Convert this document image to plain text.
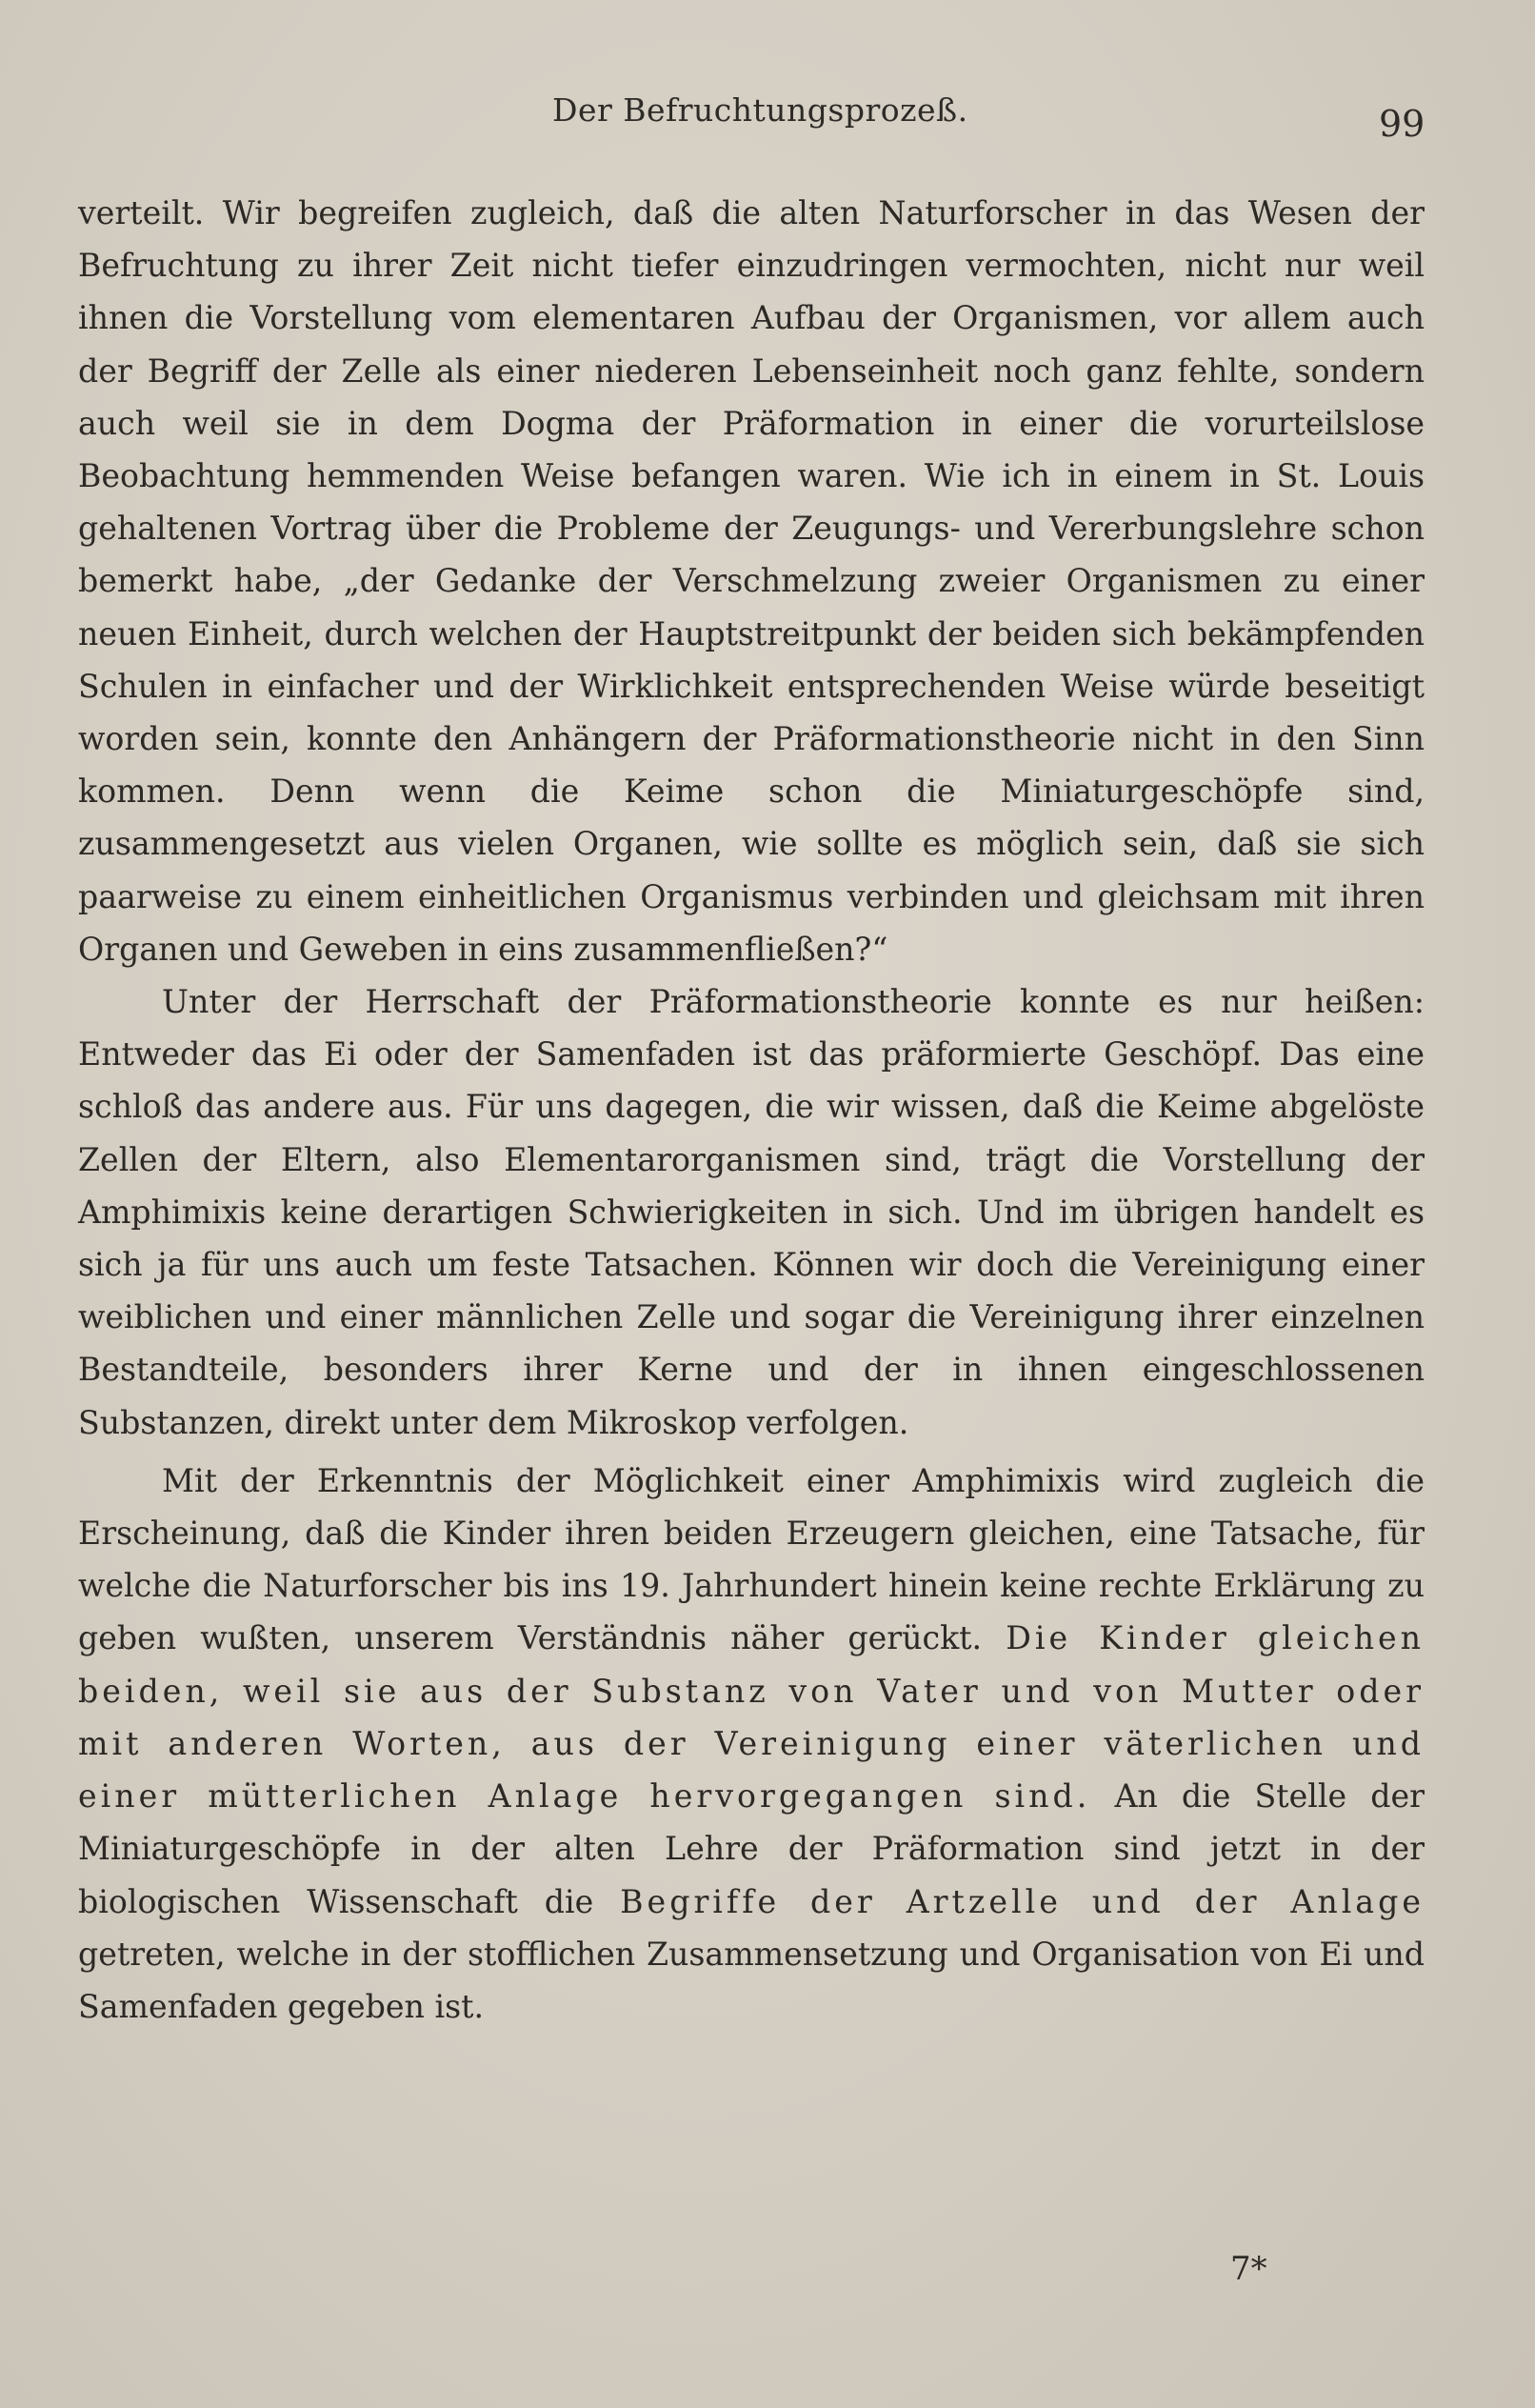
Der Befruchtungsprozeß.	99

verteilt. Wir begreifen zugleich, daß die alten Naturforscher in das Wesen der Befruchtung zu ihrer Zeit nicht tiefer einzudringen vermochten, nicht nur weil ihnen die Vorstellung vom elementaren Aufbau der Organismen, vor allem auch der Begriff der Zelle als einer niederen Lebenseinheit noch ganz fehlte, sondern auch weil sie in dem Dogma der Präformation in einer die vorurteilslose Beobachtung hemmenden Weise befangen waren. Wie ich in einem in St. Louis gehaltenen Vortrag über die Probleme der Zeugungs- und Vererbungslehre schon bemerkt habe, „der Gedanke der Verschmelzung zweier Organismen zu einer neuen Einheit, durch welchen der Hauptstreitpunkt der beiden sich bekämpfenden Schulen in einfacher und der Wirklichkeit entsprechenden Weise würde beseitigt worden sein, konnte den Anhängern der Präformationstheorie nicht in den Sinn kommen. Denn wenn die Keime schon die Miniaturgeschöpfe sind, zusammengesetzt aus vielen Organen, wie sollte es möglich sein, daß sie sich paarweise zu einem einheitlichen Organismus verbinden und gleichsam mit ihren Organen und Geweben in eins zusammenfließen?“

Unter der Herrschaft der Präformationstheorie konnte es nur heißen: Entweder das Ei oder der Samenfaden ist das präformierte Geschöpf. Das eine schloß das andere aus. Für uns dagegen, die wir wissen, daß die Keime abgelöste Zellen der Eltern, also Elementarorganismen sind, trägt die Vorstellung der Amphimixis keine derartigen Schwierigkeiten in sich. Und im übrigen handelt es sich ja für uns auch um feste Tatsachen. Können wir doch die Vereinigung einer weiblichen und einer männlichen Zelle und sogar die Vereinigung ihrer einzelnen Bestandteile, besonders ihrer Kerne und der in ihnen eingeschlossenen Substanzen, direkt unter dem Mikroskop verfolgen.

Mit der Erkenntnis der Möglichkeit einer Amphimixis wird zugleich die Erscheinung, daß die Kinder ihren beiden Erzeugern gleichen, eine Tatsache, für welche die Naturforscher bis ins 19. Jahrhundert hinein keine rechte Erklärung zu geben wußten, unserem Verständnis näher gerückt. Die Kinder gleichen beiden, weil sie aus der Substanz von Vater und von Mutter oder mit anderen Worten, aus der Vereinigung einer väterlichen und einer mütterlichen Anlage hervorgegangen sind. An die Stelle der Miniaturgeschöpfe in der alten Lehre der Präformation sind jetzt in der biologischen Wissenschaft die Begriffe der Artzelle und der Anlage getreten, welche in der stofflichen Zusammensetzung und Organisation von Ei und Samenfaden gegeben ist.

7*
